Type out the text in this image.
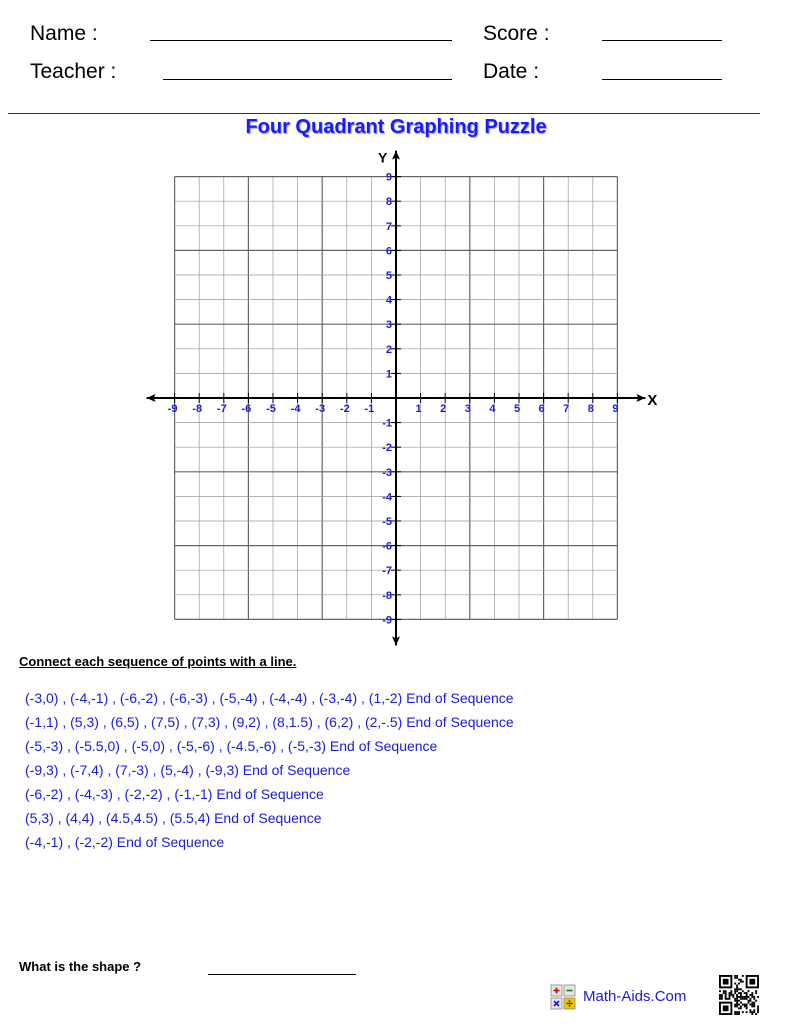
Name :
Teacher :
Score :
Date :
Four Quadrant Graphing Puzzle
X
Y
-9 -8 -7 -6 -5 -4 -3 -2 -1	1 2 3 4 5 6 7 8 9
9
8
7
6
5
4
3
2
1
-1
-2
-3
-4
-5
-6
-7
-8
-9
Connect each sequence of points with a line.
(-3,0) , (-4,-1) , (-6,-2) , (-6,-3) , (-5,-4) , (-4,-4) , (-3,-4) , (1,-2) End of Sequence
(-1,1) , (5,3) , (6,5) , (7,5) , (7,3) , (9,2) , (8,1.5) , (6,2) , (2,-.5) End of Sequence
(-5,-3) , (-5.5,0) , (-5,0) , (-5,-6) , (-4.5,-6) , (-5,-3) End of Sequence
(-9,3) , (-7,4) , (7,-3) , (5,-4) , (-9,3) End of Sequence
(-6,-2) , (-4,-3) , (-2,-2) , (-1,-1) End of Sequence
(5,3) , (4,4) , (4.5,4.5) , (5.5,4) End of Sequence
(-4,-1) , (-2,-2) End of Sequence
What is the shape ?
Math-Aids.Com
